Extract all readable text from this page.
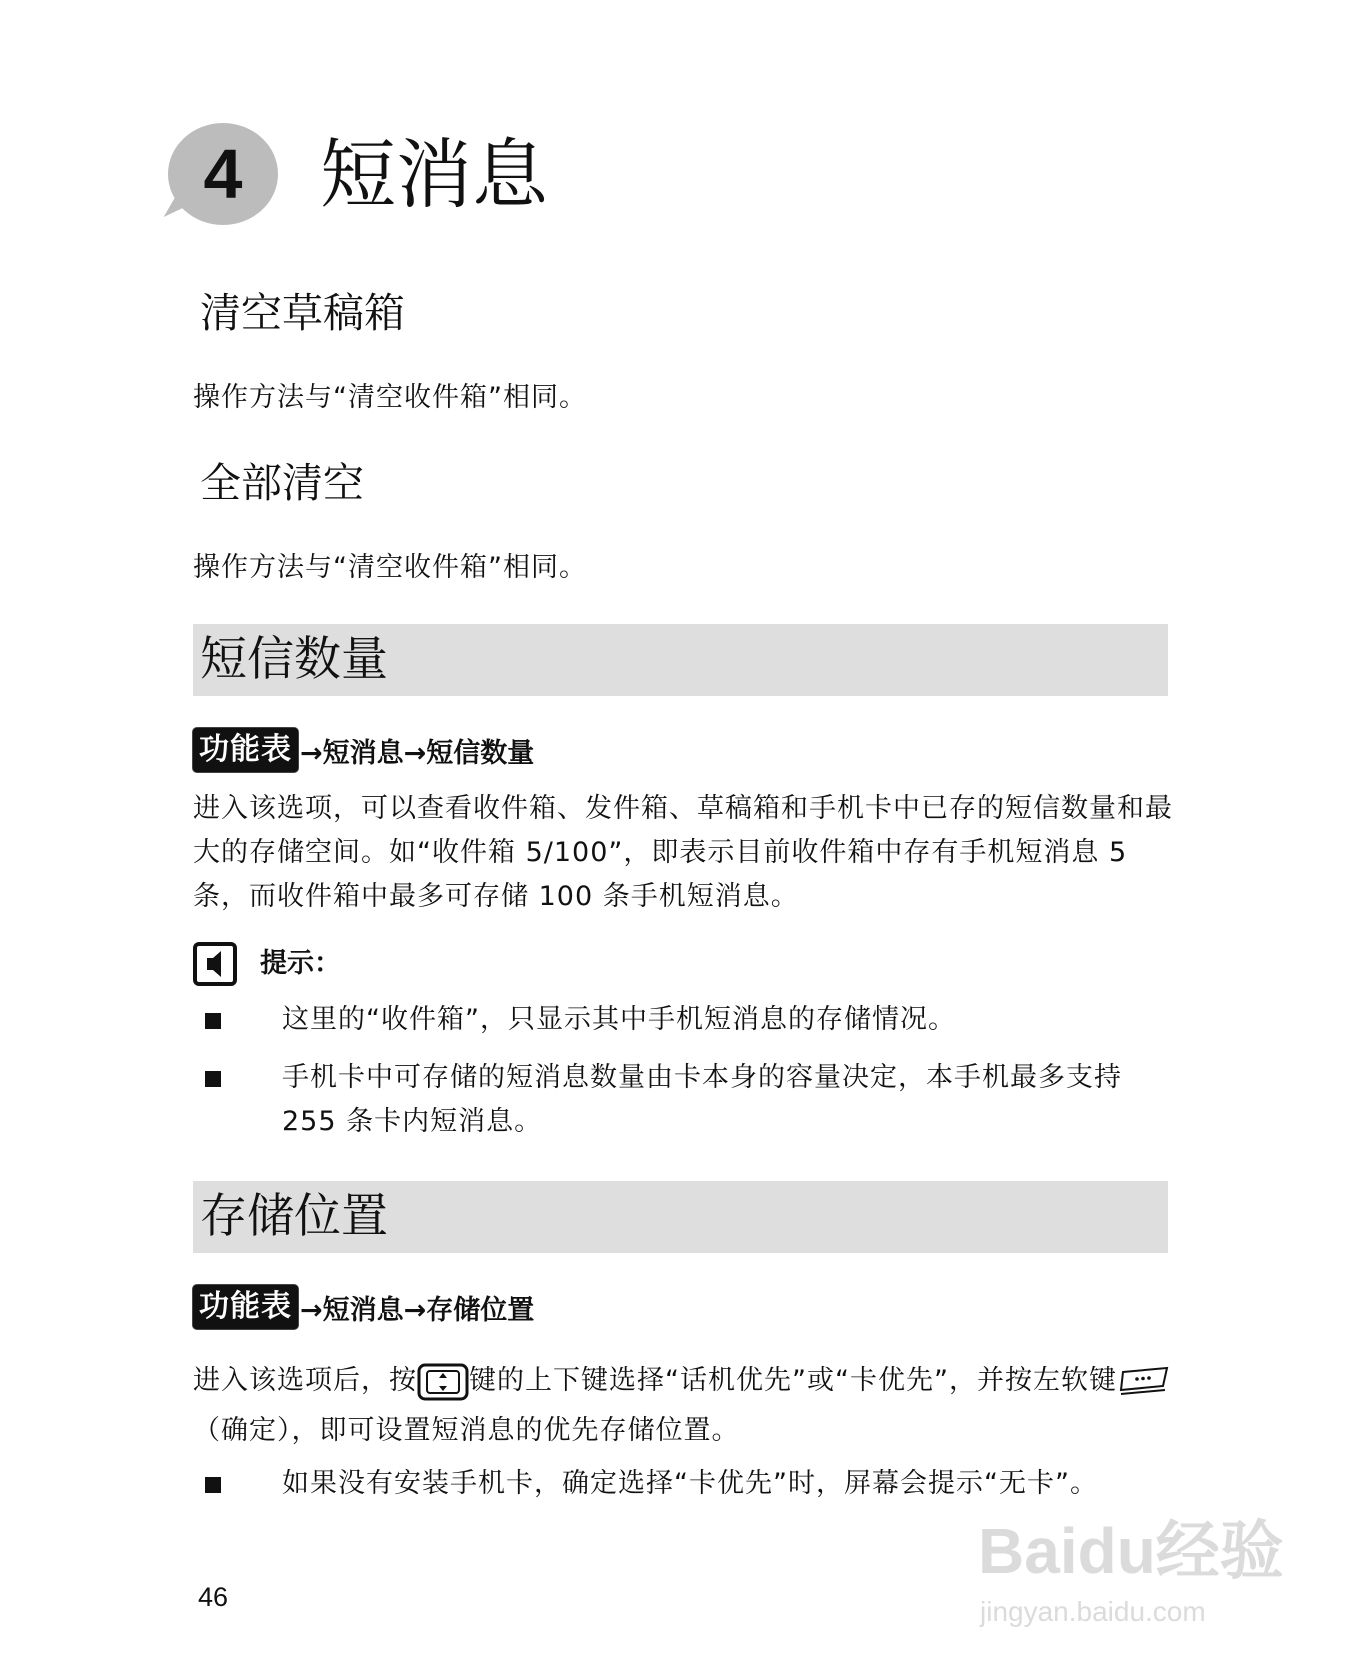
4	短消息
清空草稿箱
操作方法与“清空收件箱”相同。
全部清空
操作方法与“清空收件箱”相同。
短信数量
功能表 →短消息→短信数量
进入该选项，可以查看收件箱、发件箱、草稿箱和手机卡中已存的短信数量和最大的存储空间。如“收件箱 5/100”，即表示目前收件箱中存有手机短消息 5 条，而收件箱中最多可存储 100 条手机短消息。
提示：
这里的“收件箱”，只显示其中手机短消息的存储情况。
手机卡中可存储的短消息数量由卡本身的容量决定，本手机最多支持 255 条卡内短消息。
存储位置
功能表 →短消息→存储位置
进入该选项后，按 键的上下键选择“话机优先”或“卡优先”，并按左软键
（确定），即可设置短消息的优先存储位置。
如果没有安装手机卡，确定选择“卡优先”时，屏幕会提示“无卡”。
46
Baidu经验
jingyan.baidu.com
